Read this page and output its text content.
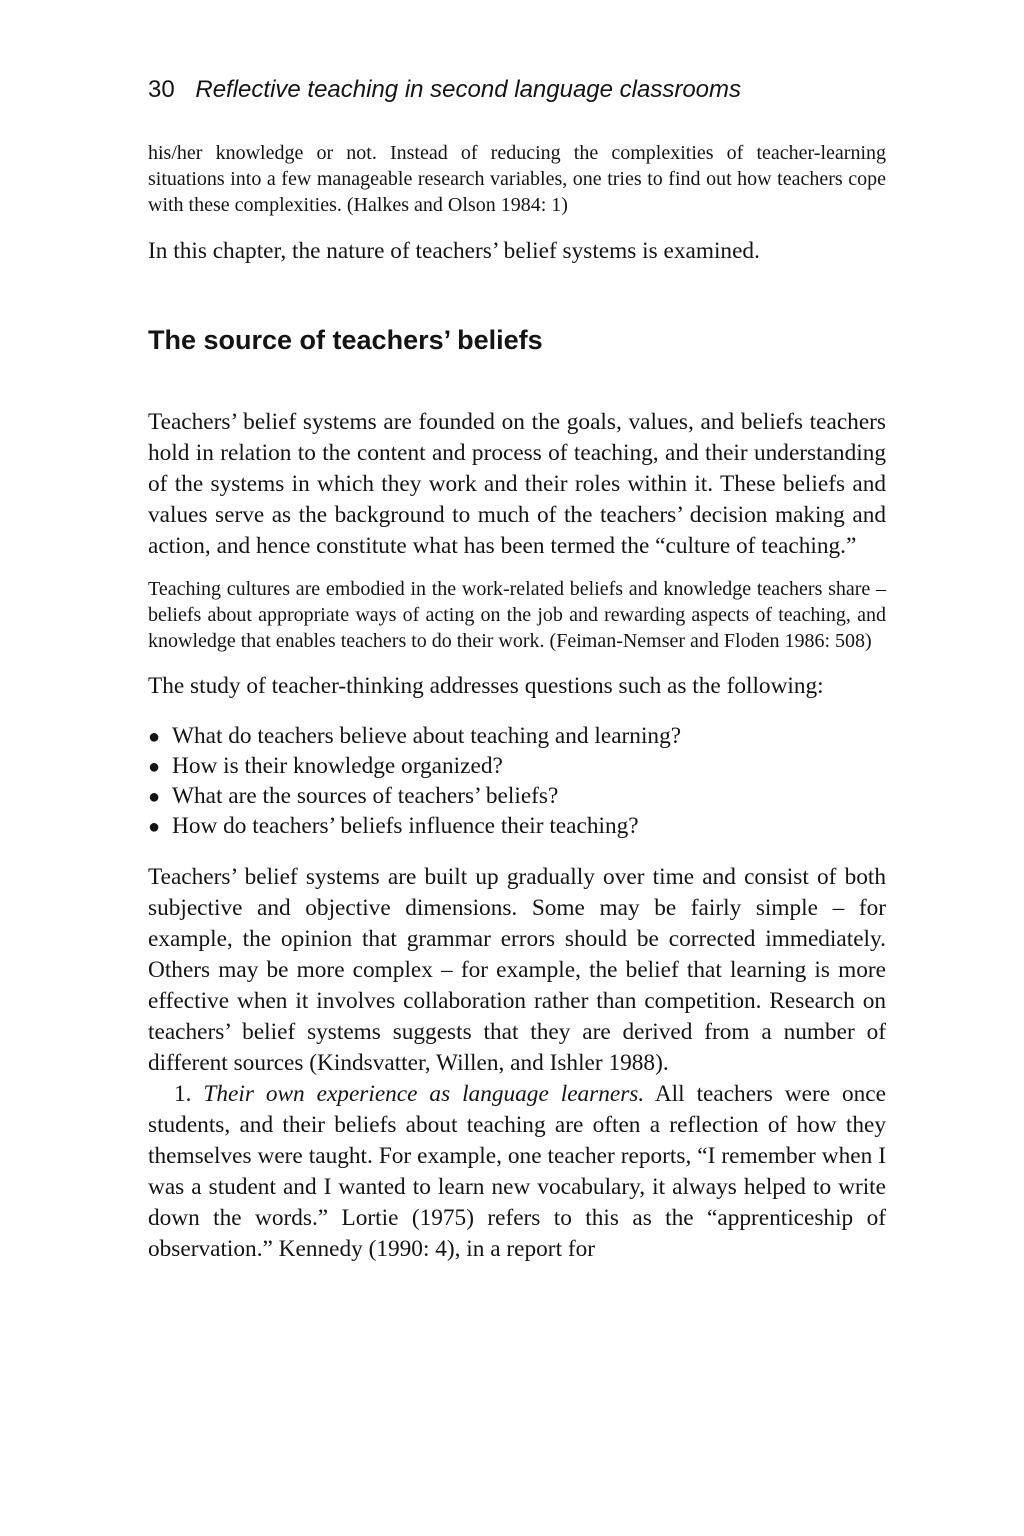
30 Reflective teaching in second language classrooms

his/her knowledge or not. Instead of reducing the complexities of teacher-learning situations into a few manageable research variables, one tries to find out how teachers cope with these complexities. (Halkes and Olson 1984: 1)

In this chapter, the nature of teachers’ belief systems is examined.

The source of teachers’ beliefs

Teachers’ belief systems are founded on the goals, values, and beliefs teachers hold in relation to the content and process of teaching, and their understanding of the systems in which they work and their roles within it. These beliefs and values serve as the background to much of the teachers’ decision making and action, and hence constitute what has been termed the “culture of teaching.”

Teaching cultures are embodied in the work-related beliefs and knowledge teachers share – beliefs about appropriate ways of acting on the job and rewarding aspects of teaching, and knowledge that enables teachers to do their work. (Feiman-Nemser and Floden 1986: 508)

The study of teacher-thinking addresses questions such as the following:

● What do teachers believe about teaching and learning?
● How is their knowledge organized?
● What are the sources of teachers’ beliefs?
● How do teachers’ beliefs influence their teaching?

Teachers’ belief systems are built up gradually over time and consist of both subjective and objective dimensions. Some may be fairly simple – for example, the opinion that grammar errors should be corrected immediately. Others may be more complex – for example, the belief that learning is more effective when it involves collaboration rather than competition. Research on teachers’ belief systems suggests that they are derived from a number of different sources (Kindsvatter, Willen, and Ishler 1988).

1. Their own experience as language learners. All teachers were once students, and their beliefs about teaching are often a reflection of how they themselves were taught. For example, one teacher reports, “I remember when I was a student and I wanted to learn new vocabulary, it always helped to write down the words.” Lortie (1975) refers to this as the “apprenticeship of observation.” Kennedy (1990: 4), in a report for
